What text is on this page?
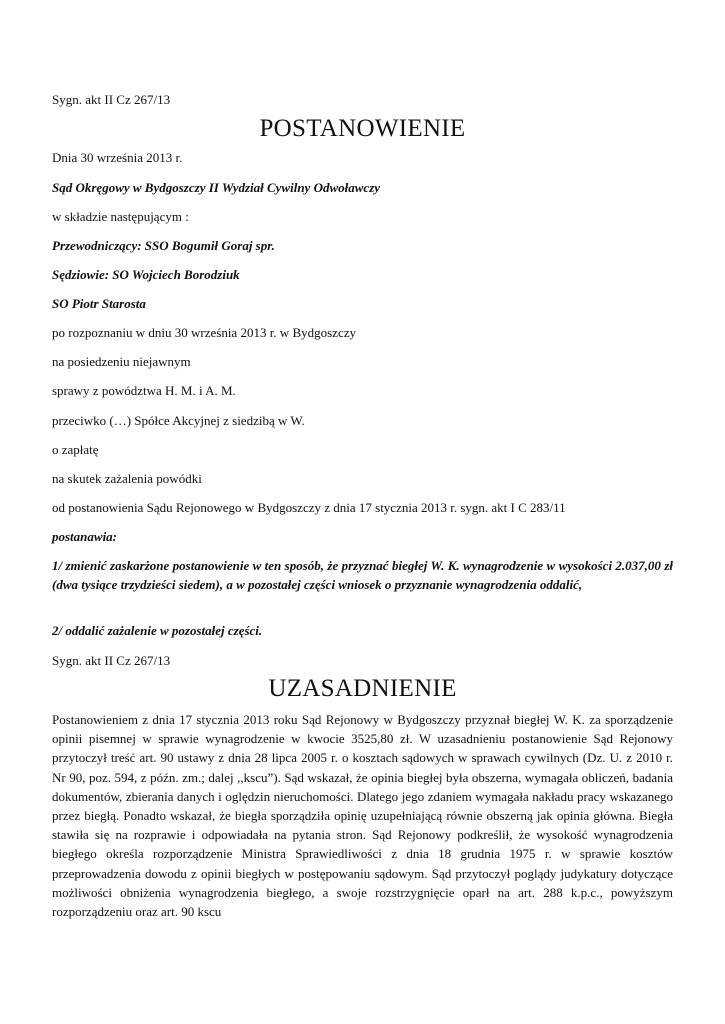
Sygn. akt II Cz 267/13
POSTANOWIENIE
Dnia 30 września 2013 r.
Sąd Okręgowy w Bydgoszczy II Wydział Cywilny Odwoławczy
w składzie następującym :
Przewodniczący: SSO Bogumił Goraj spr.
Sędziowie: SO Wojciech Borodziuk
SO Piotr Starosta
po rozpoznaniu w dniu 30 września 2013 r. w Bydgoszczy
na posiedzeniu niejawnym
sprawy z powództwa H. M. i A. M.
przeciwko (…) Spółce Akcyjnej z siedzibą w W.
o zapłatę
na skutek zażalenia powódki
od postanowienia Sądu Rejonowego w Bydgoszczy z dnia 17 stycznia 2013 r. sygn. akt I C 283/11
postanawia:
1/ zmienić zaskarżone postanowienie w ten sposób, że przyznać biegłej W. K. wynagrodzenie w wysokości 2.037,00 zł (dwa tysiące trzydzieści siedem), a w pozostałej części wniosek o przyznanie wynagrodzenia oddalić,
2/ oddalić zażalenie w pozostałej części.
Sygn. akt II Cz 267/13
UZASADNIENIE
Postanowieniem z dnia 17 stycznia 2013 roku Sąd Rejonowy w Bydgoszczy przyznał biegłej W. K. za sporządzenie opinii pisemnej w sprawie wynagrodzenie w kwocie 3525,80 zł. W uzasadnieniu postanowienie Sąd Rejonowy przytoczył treść art. 90 ustawy z dnia 28 lipca 2005 r. o kosztach sądowych w sprawach cywilnych (Dz. U. z 2010 r. Nr 90, poz. 594, z późn. zm.; dalej ,,kscu”). Sąd wskazał, że opinia biegłej była obszerna, wymagała obliczeń, badania dokumentów, zbierania danych i oględzin nieruchomości. Dlatego jego zdaniem wymagała nakładu pracy wskazanego przez biegłą. Ponadto wskazał, że biegła sporządziła opinię uzupełniającą równie obszerną jak opinia główna. Biegła stawiła się na rozprawie i odpowiadała na pytania stron. Sąd Rejonowy podkreślił, że wysokość wynagrodzenia biegłego określa rozporządzenie Ministra Sprawiedliwości z dnia 18 grudnia 1975 r. w sprawie kosztów przeprowadzenia dowodu z opinii biegłych w postępowaniu sądowym. Sąd przytoczył poglądy judykatury dotyczące możliwości obniżenia wynagrodzenia biegłego, a swoje rozstrzygnięcie oparł na art. 288 k.p.c., powyższym rozporządzeniu oraz art. 90 kscu
